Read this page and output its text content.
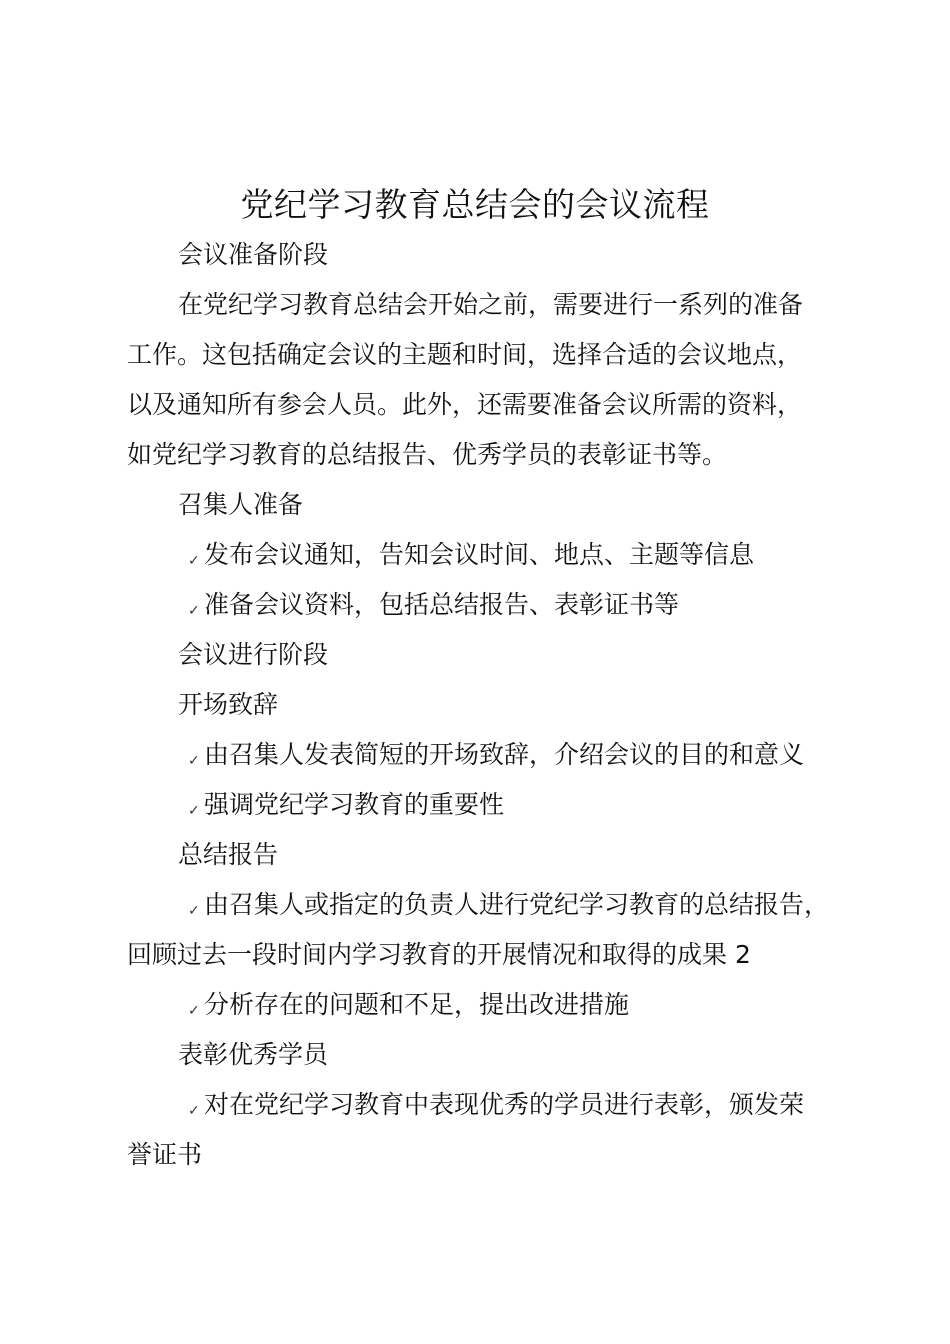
党纪学习教育总结会的会议流程
会议准备阶段
在党纪学习教育总结会开始之前，需要进行一系列的准备
工作。这包括确定会议的主题和时间，选择合适的会议地点，
以及通知所有参会人员。此外，还需要准备会议所需的资料，
如党纪学习教育的总结报告、优秀学员的表彰证书等。
召集人准备
✓ 发布会议通知，告知会议时间、地点、主题等信息
✓ 准备会议资料，包括总结报告、表彰证书等
会议进行阶段
开场致辞
✓ 由召集人发表简短的开场致辞，介绍会议的目的和意义
✓ 强调党纪学习教育的重要性
总结报告
✓ 由召集人或指定的负责人进行党纪学习教育的总结报告，
回顾过去一段时间内学习教育的开展情况和取得的成果 2
✓ 分析存在的问题和不足，提出改进措施
表彰优秀学员
✓ 对在党纪学习教育中表现优秀的学员进行表彰，颁发荣
誉证书
